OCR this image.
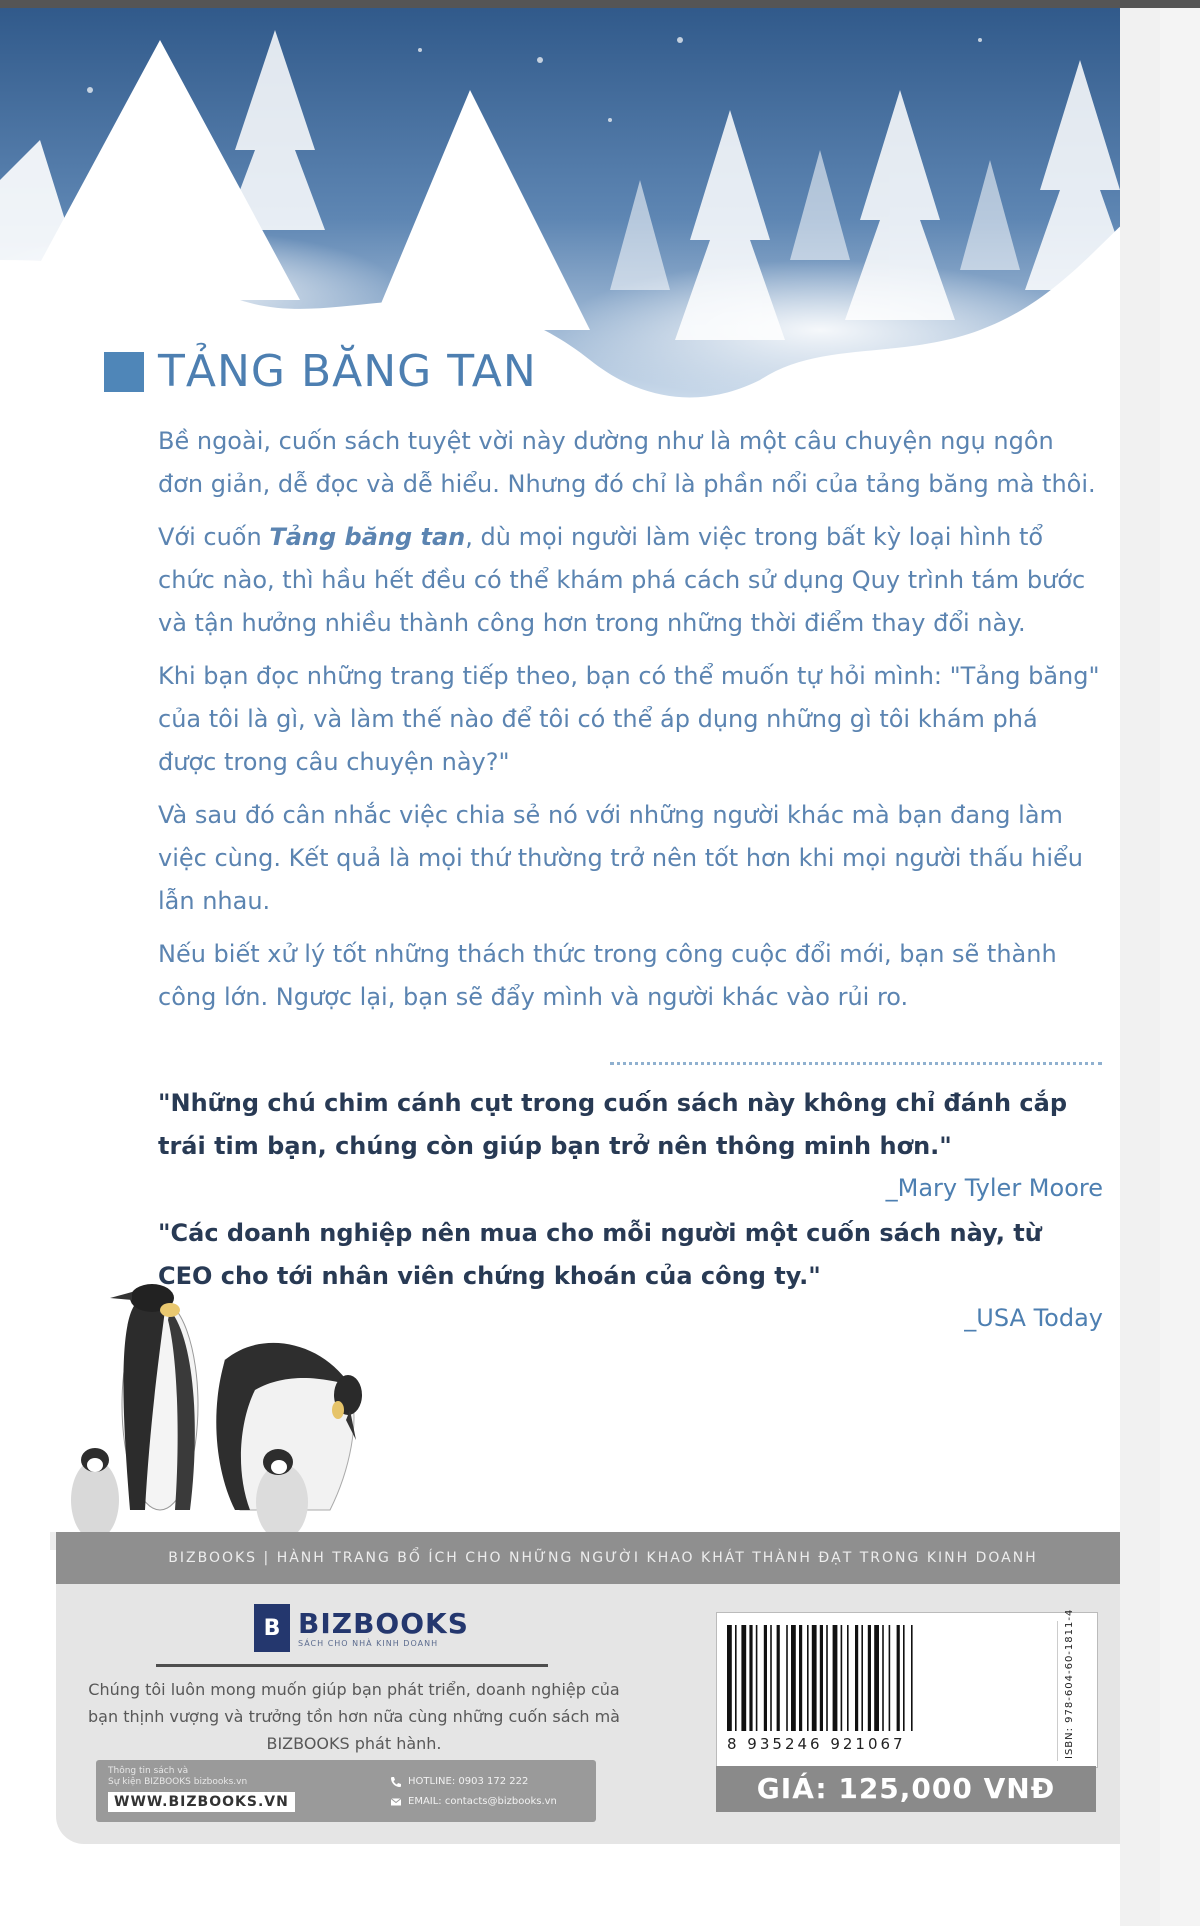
TẢNG BĂNG TAN

Bề ngoài, cuốn sách tuyệt vời này dường như là một câu chuyện ngụ ngôn đơn giản, dễ đọc và dễ hiểu. Nhưng đó chỉ là phần nổi của tảng băng mà thôi.

Với cuốn Tảng băng tan, dù mọi người làm việc trong bất kỳ loại hình tổ chức nào, thì hầu hết đều có thể khám phá cách sử dụng Quy trình tám bước và tận hưởng nhiều thành công hơn trong những thời điểm thay đổi này.

Khi bạn đọc những trang tiếp theo, bạn có thể muốn tự hỏi mình: "Tảng băng" của tôi là gì, và làm thế nào để tôi có thể áp dụng những gì tôi khám phá được trong câu chuyện này?"

Và sau đó cân nhắc việc chia sẻ nó với những người khác mà bạn đang làm việc cùng. Kết quả là mọi thứ thường trở nên tốt hơn khi mọi người thấu hiểu lẫn nhau.

Nếu biết xử lý tốt những thách thức trong công cuộc đổi mới, bạn sẽ thành công lớn. Ngược lại, bạn sẽ đẩy mình và người khác vào rủi ro.

"Những chú chim cánh cụt trong cuốn sách này không chỉ đánh cắp trái tim bạn, chúng còn giúp bạn trở nên thông minh hơn."
_Mary Tyler Moore
"Các doanh nghiệp nên mua cho mỗi người một cuốn sách này, từ CEO cho tới nhân viên chứng khoán của công ty."
_USA Today
BIZBOOKS | HÀNH TRANG BỔ ÍCH CHO NHỮNG NGƯỜI KHAO KHÁT THÀNH ĐẠT TRONG KINH DOANH
B BIZBOOKS
SÁCH CHO NHÀ KINH DOANH
Chúng tôi luôn mong muốn giúp bạn phát triển, doanh nghiệp của bạn thịnh vượng và trưởng tồn hơn nữa cùng những cuốn sách mà BIZBOOKS phát hành.
Thông tin sách và
Sự kiện BIZBOOKS bizbooks.vn
WWW.BIZBOOKS.VN
HOTLINE: 0903 172 222
EMAIL: contacts@bizbooks.vn
8 935246 921067	ISBN: 978-604-60-1811-4
GIÁ: 125,000 VNĐ
